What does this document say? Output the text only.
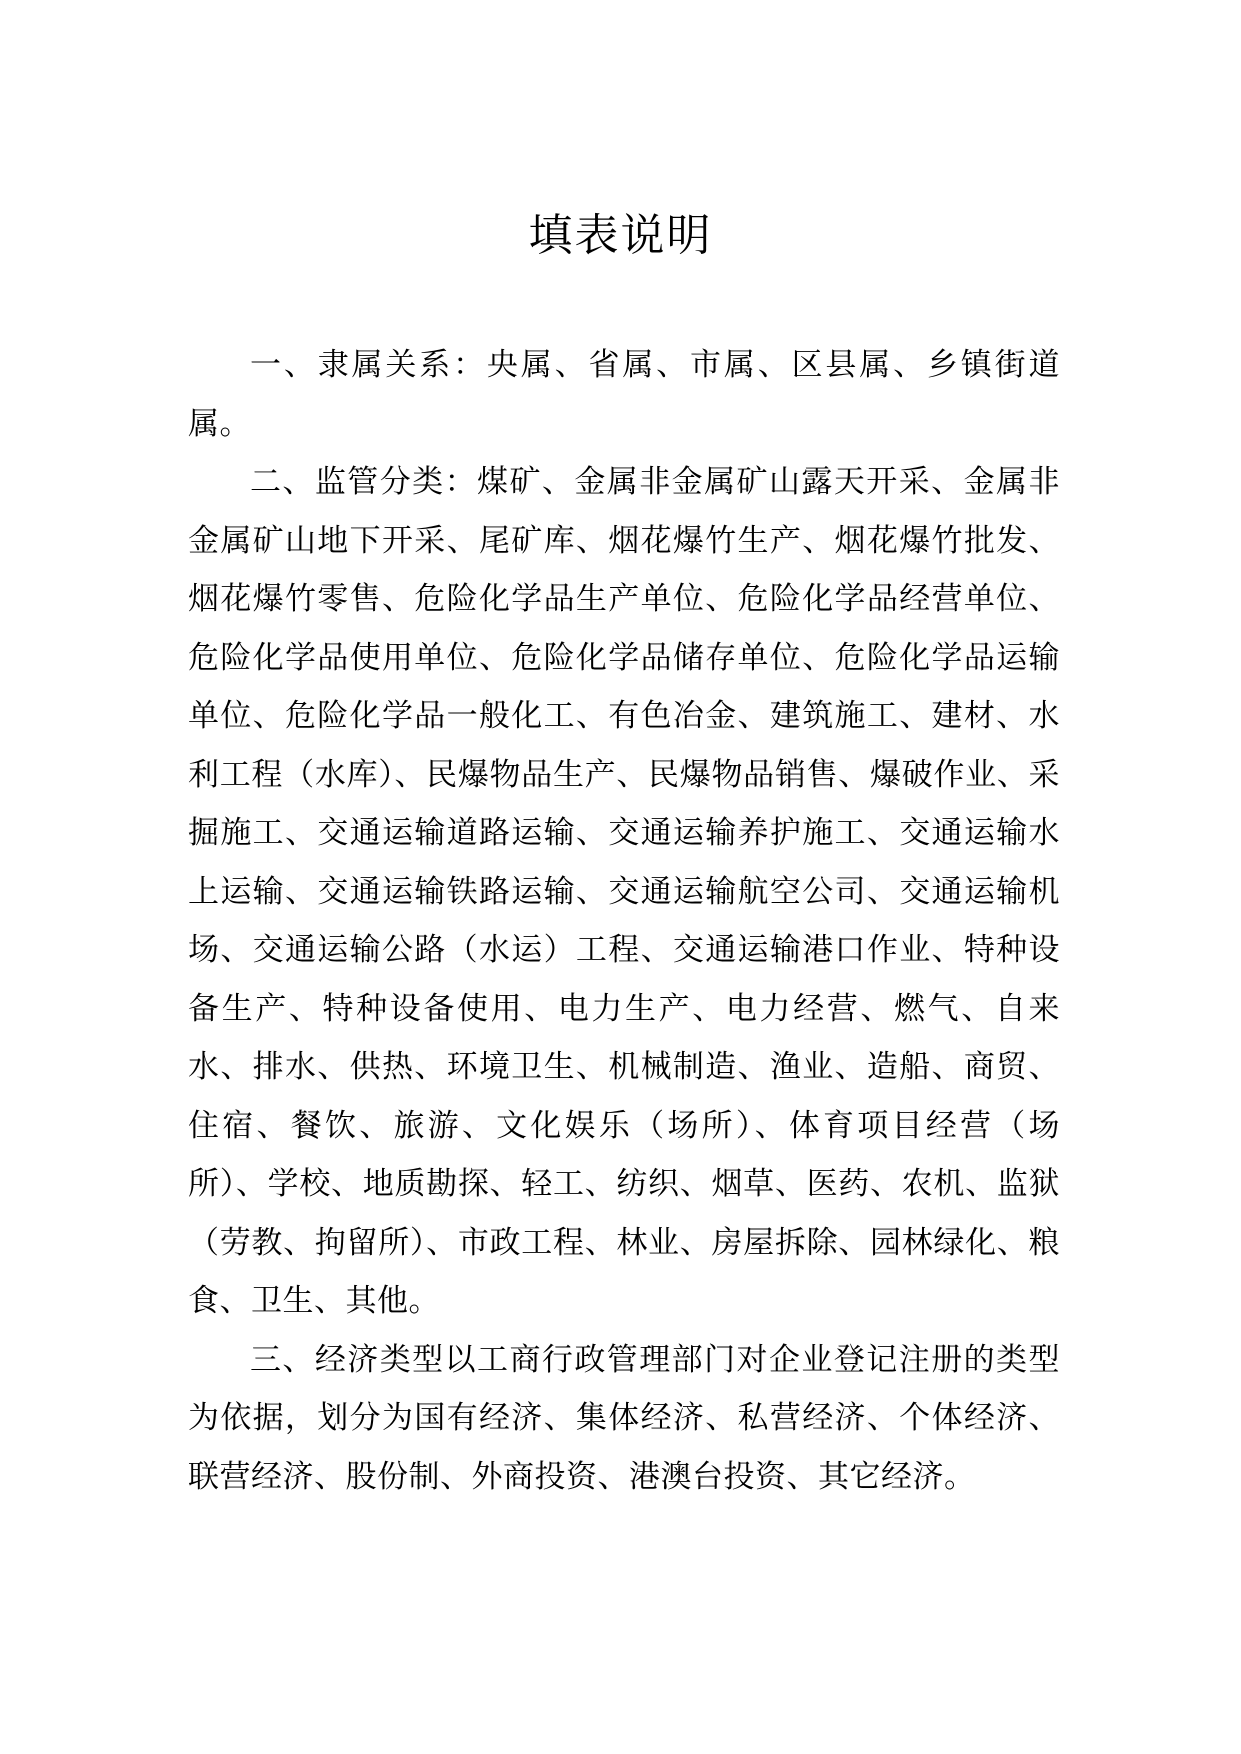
填表说明

一、隶属关系：央属、省属、市属、区县属、乡镇街道属。

二、监管分类：煤矿、金属非金属矿山露天开采、金属非金属矿山地下开采、尾矿库、烟花爆竹生产、烟花爆竹批发、烟花爆竹零售、危险化学品生产单位、危险化学品经营单位、危险化学品使用单位、危险化学品储存单位、危险化学品运输单位、危险化学品一般化工、有色冶金、建筑施工、建材、水利工程（水库）、民爆物品生产、民爆物品销售、爆破作业、采掘施工、交通运输道路运输、交通运输养护施工、交通运输水上运输、交通运输铁路运输、交通运输航空公司、交通运输机场、交通运输公路（水运）工程、交通运输港口作业、特种设备生产、特种设备使用、电力生产、电力经营、燃气、自来水、排水、供热、环境卫生、机械制造、渔业、造船、商贸、住宿、餐饮、旅游、文化娱乐（场所）、体育项目经营（场所）、学校、地质勘探、轻工、纺织、烟草、医药、农机、监狱（劳教、拘留所）、市政工程、林业、房屋拆除、园林绿化、粮食、卫生、其他。

三、经济类型以工商行政管理部门对企业登记注册的类型为依据，划分为国有经济、集体经济、私营经济、个体经济、联营经济、股份制、外商投资、港澳台投资、其它经济。
